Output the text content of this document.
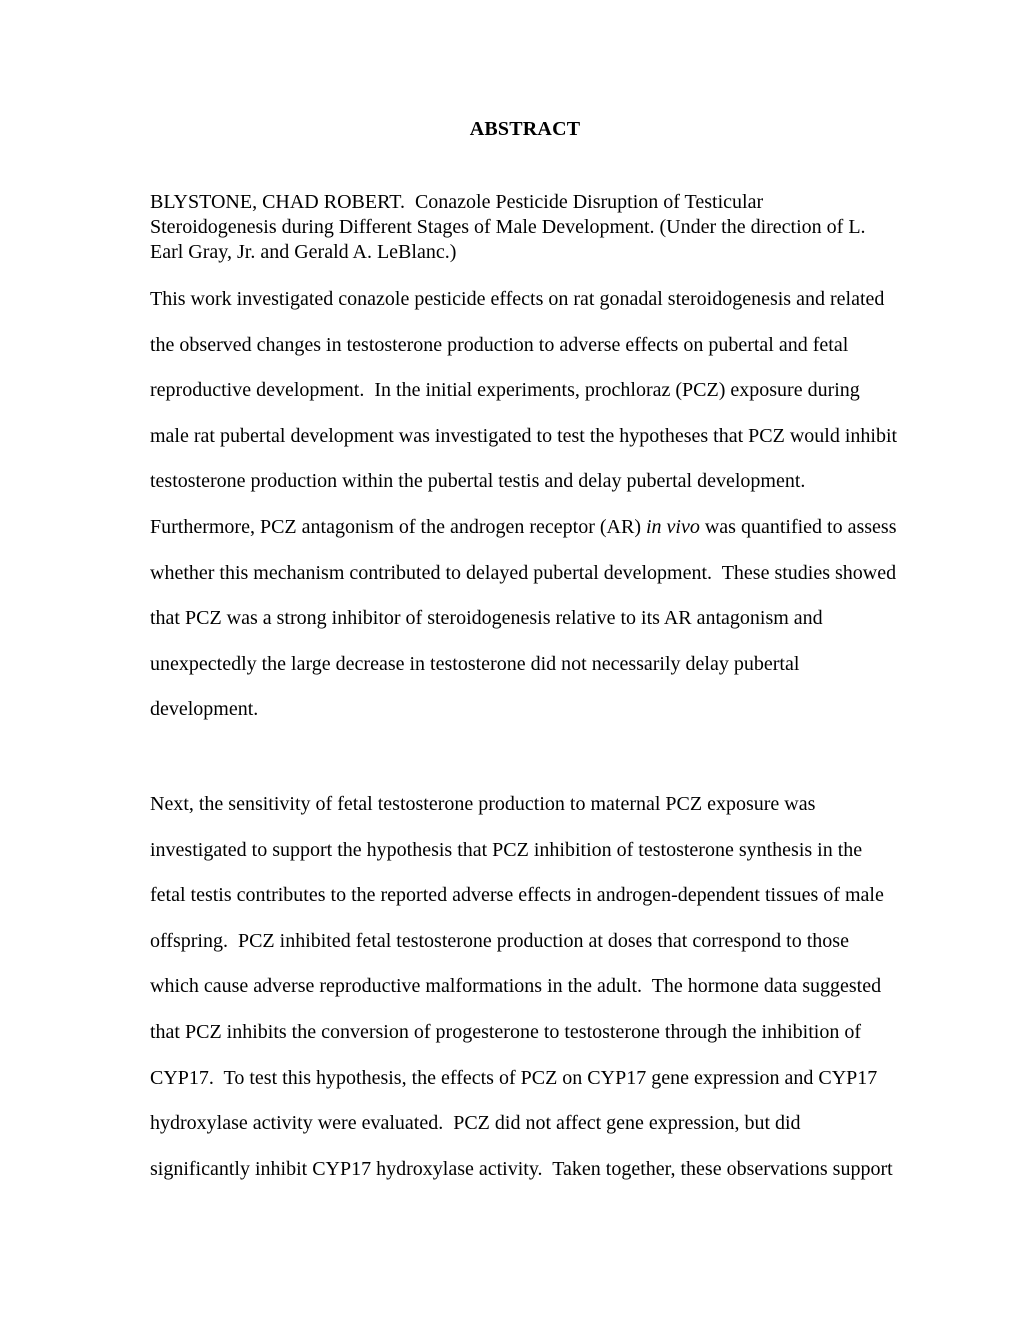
ABSTRACT
BLYSTONE, CHAD ROBERT.  Conazole Pesticide Disruption of Testicular
Steroidogenesis during Different Stages of Male Development. (Under the direction of L.
Earl Gray, Jr. and Gerald A. LeBlanc.)
This work investigated conazole pesticide effects on rat gonadal steroidogenesis and related
the observed changes in testosterone production to adverse effects on pubertal and fetal
reproductive development.  In the initial experiments, prochloraz (PCZ) exposure during
male rat pubertal development was investigated to test the hypotheses that PCZ would inhibit
testosterone production within the pubertal testis and delay pubertal development.
Furthermore, PCZ antagonism of the androgen receptor (AR) in vivo was quantified to assess
whether this mechanism contributed to delayed pubertal development.  These studies showed
that PCZ was a strong inhibitor of steroidogenesis relative to its AR antagonism and
unexpectedly the large decrease in testosterone did not necessarily delay pubertal
development.
Next, the sensitivity of fetal testosterone production to maternal PCZ exposure was
investigated to support the hypothesis that PCZ inhibition of testosterone synthesis in the
fetal testis contributes to the reported adverse effects in androgen-dependent tissues of male
offspring.  PCZ inhibited fetal testosterone production at doses that correspond to those
which cause adverse reproductive malformations in the adult.  The hormone data suggested
that PCZ inhibits the conversion of progesterone to testosterone through the inhibition of
CYP17.  To test this hypothesis, the effects of PCZ on CYP17 gene expression and CYP17
hydroxylase activity were evaluated.  PCZ did not affect gene expression, but did
significantly inhibit CYP17 hydroxylase activity.  Taken together, these observations support
